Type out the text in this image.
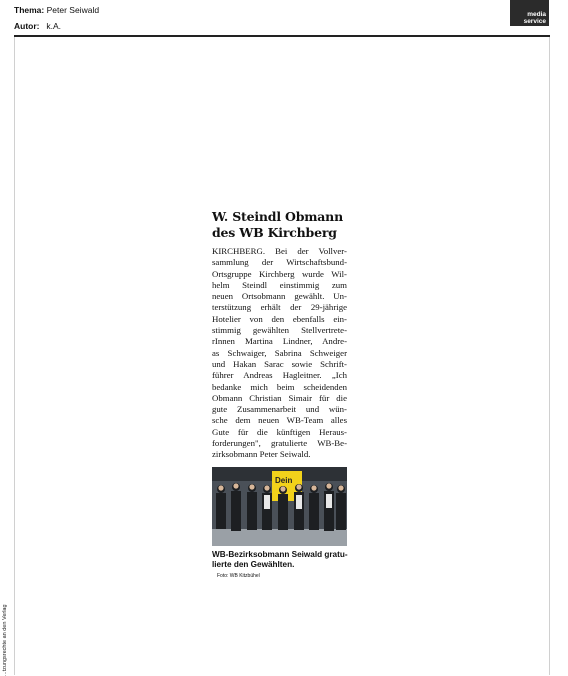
Thema: Peter Seiwald
Autor: k.A.
media
service
...tzungsrechte an den Verlag
W. Steindl Obmann
des WB Kirchberg
KIRCHBERG. Bei der Vollver-
sammlung der Wirtschaftsbund-
Ortsgruppe Kirchberg wurde Wil-
helm Steindl einstimmig zum
neuen Ortsobmann gewählt. Un-
terstützung erhält der 29-jährige
Hotelier von den ebenfalls ein-
stimmig gewählten Stellvertrete-
rInnen Martina Lindner, Andre-
as Schwaiger, Sabrina Schweiger
und Hakan Sarac sowie Schrift-
führer Andreas Hagleitner. „Ich
bedanke mich beim scheidenden
Obmann Christian Simair für die
gute Zusammenarbeit und wün-
sche dem neuen WB-Team alles
Gute für die künftigen Heraus-
forderungen", gratulierte WB-Be-
zirksobmann Peter Seiwald.
Dein
WB-Bezirksobmann Seiwald gratu-
lierte den Gewählten.
Foto: WB Kitzbühel
